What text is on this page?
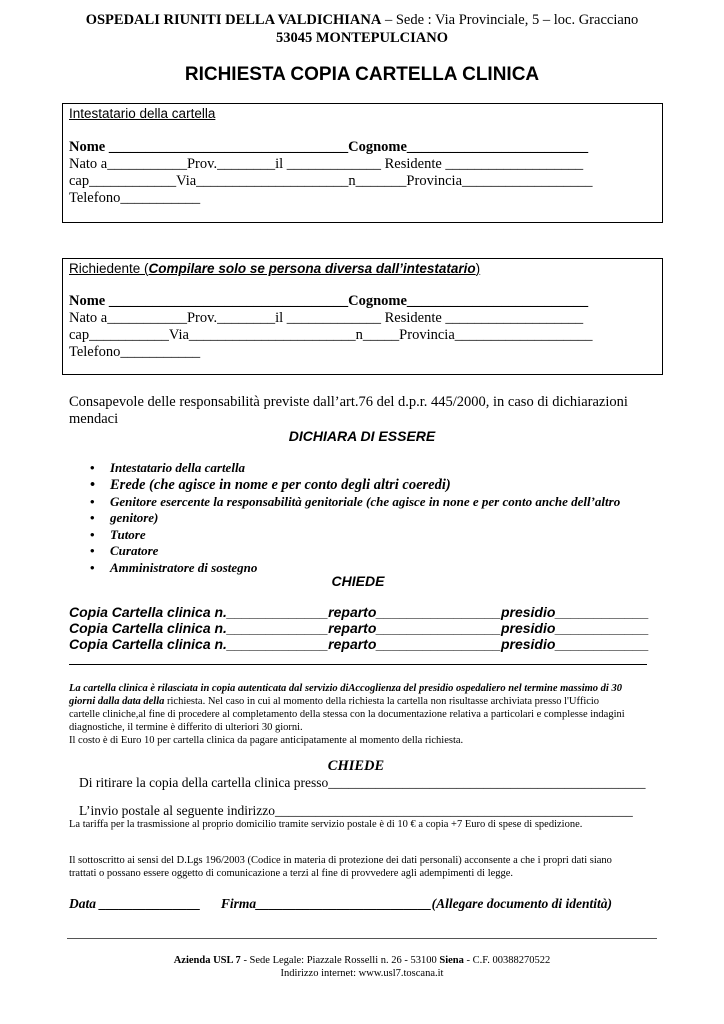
OSPEDALI RIUNITI DELLA VALDICHIANA – Sede : Via Provinciale, 5 – loc. Gracciano
53045 MONTEPULCIANO
RICHIESTA COPIA CARTELLA CLINICA
Intestatario della cartella
Nome _________________________________Cognome_________________________
Nato a___________Prov.________il _____________ Residente ___________________
cap____________Via_____________________n_______Provincia__________________
Telefono___________
Richiedente (Compilare solo se persona diversa dall’intestatario)
Nome _________________________________Cognome_________________________
Nato a___________Prov.________il _____________ Residente ___________________
cap___________Via_______________________n_____Provincia___________________
Telefono___________
Consapevole delle responsabilità previste dall’art.76 del d.p.r. 445/2000, in caso di dichiarazioni
mendaci
DICHIARA DI ESSERE
• Intestatario della cartella
• Erede (che agisce in nome e per conto degli altri coeredi)
• Genitore esercente la responsabilità genitoriale (che agisce in none e per conto anche dell’altro
• genitore)
• Tutore
• Curatore
• Amministratore di sostegno
CHIEDE
Copia Cartella clinica n._____________reparto________________presidio____________
Copia Cartella clinica n._____________reparto________________presidio____________
Copia Cartella clinica n._____________reparto________________presidio____________
La cartella clinica è rilasciata in copia autenticata dal servizio diAccoglienza del presidio ospedaliero nel termine massimo di 30
giorni dalla data della richiesta. Nel caso in cui al momento della richiesta la cartella non risultasse archiviata presso l'Ufficio
cartelle cliniche,al fine di procedere al completamento della stessa con la documentazione relativa a particolari e complesse indagini
diagnostiche, il termine è differito di ulteriori 30 giorni.
Il costo è di Euro 10 per cartella clinica da pagare anticipatamente al momento della richiesta.
CHIEDE
Di ritirare la copia della cartella clinica presso_______________________________________________
L’invio postale al seguente indirizzo_____________________________________________________
La tariffa per la trasmissione al proprio domicilio tramite servizio postale è di 10 € a copia +7 Euro di spese di spedizione.
Il sottoscritto ai sensi del D.Lgs 196/2003 (Codice in materia di protezione dei dati personali) acconsente a che i propri dati siano
trattati o possano essere oggetto di comunicazione a terzi al fine di provvedere agli adempimenti di legge.
Data _______________      Firma__________________________(Allegare documento di identità)
Azienda USL 7 - Sede Legale: Piazzale Rosselli n. 26 - 53100 Siena - C.F. 00388270522
Indirizzo internet: www.usl7.toscana.it
